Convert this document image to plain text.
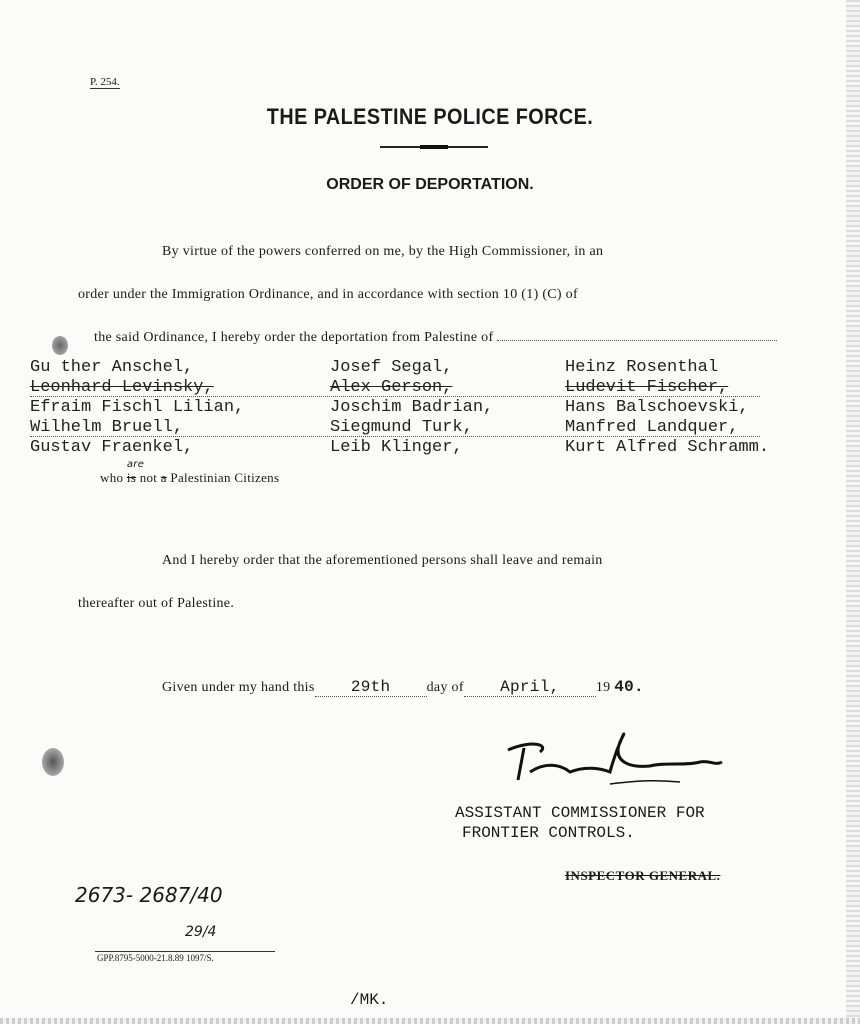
P. 254.
THE PALESTINE POLICE FORCE.
ORDER OF DEPORTATION.
By virtue of the powers conferred on me, by the High Commissioner, in an
order under the Immigration Ordinance, and in accordance with section 10 (1) (C) of
the said Ordinance, I hereby order the deportation from Palestine of
Gu ther Anschel,	Josef Segal,	Heinz Rosenthal
Leonhard Levinsky,	Alex Gerson,	Ludevit Fischer,
Efraim Fischl Lilian,	Joschim Badrian,	Hans Balschoevski,
Wilhelm Bruell,	Siegmund Turk,	Manfred Landquer,
Gustav Fraenkel,	Leib Klinger,	Kurt Alfred Schramm.
who is
are
not a Palestinian Citizens
And I hereby order that the aforementioned persons shall leave and remain
thereafter out of Palestine.
Given under my hand this 29th	day of April,	19 40.
ASSISTANT COMMISSIONER FOR
FRONTIER CONTROLS.
INSPECTOR GENERAL.
2673- 2687/40
29/4
GPP.8795-5000-21.8.89 1097/S.
/MK.
